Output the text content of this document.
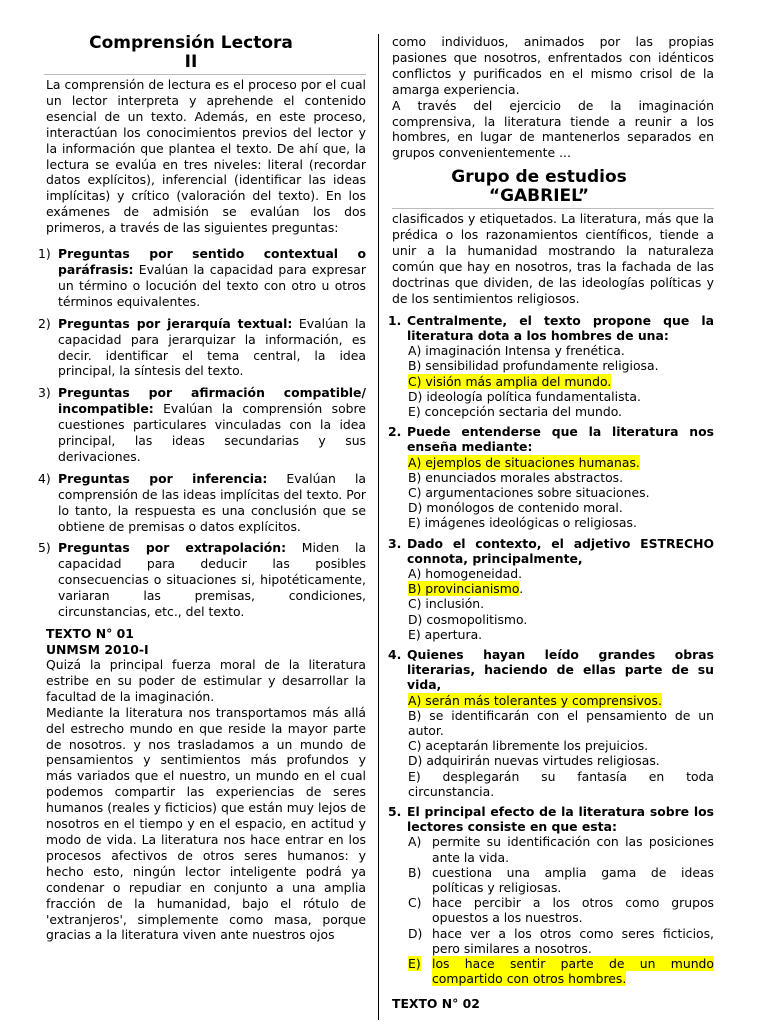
Comprensión Lectora
II

La comprensión de lectura es el proceso por el cual un lector interpreta y aprehende el contenido esencial de un texto. Además, en este proceso, interactúan los conocimientos previos del lector y la información que plantea el texto. De ahí que, la lectura se evalúa en tres niveles: literal (recordar datos explícitos), inferencial (identificar las ideas implícitas) y crítico (valoración del texto). En los exámenes de admisión se evalúan los dos primeros, a través de las siguientes preguntas:

1) Preguntas por sentido contextual o paráfrasis: Evalúan la capacidad para expresar un término o locución del texto con otro u otros términos equivalentes.
2) Preguntas por jerarquía textual: Evalúan la capacidad para jerarquizar la información, es decir. identificar el tema central, la idea principal, la síntesis del texto.
3) Preguntas por afirmación compatible/ incompatible: Evalúan la comprensión sobre cuestiones particulares vinculadas con la idea principal, las ideas secundarias y sus derivaciones.
4) Preguntas por inferencia: Evalúan la comprensión de las ideas implícitas del texto. Por lo tanto, la respuesta es una conclusión que se obtiene de premisas o datos explícitos.
5) Preguntas por extrapolación: Miden la capacidad para deducir las posibles consecuencias o situaciones si, hipotéticamente, variaran las premisas, condiciones, circunstancias, etc., del texto.
TEXTO N° 01
UNMSM 2010-I

Quizá la principal fuerza moral de la literatura estribe en su poder de estimular y desarrollar la facultad de la imaginación.

Mediante la literatura nos transportamos más allá del estrecho mundo en que reside la mayor parte de nosotros. y nos trasladamos a un mundo de pensamientos y sentimientos más profundos y más variados que el nuestro, un mundo en el cual podemos compartir las experiencias de seres humanos (reales y ficticios) que están muy lejos de nosotros en el tiempo y en el espacio, en actitud y modo de vida. La literatura nos hace entrar en los procesos afectivos de otros seres humanos: y hecho esto, ningún lector inteligente podrá ya condenar o repudiar en conjunto a una amplia fracción de la humanidad, bajo el rótulo de 'extranjeros', simplemente como masa, porque gracias a la literatura viven ante nuestros ojos

como individuos, animados por las propias pasiones que nosotros, enfrentados con idénticos conflictos y purificados en el mismo crisol de la amarga experiencia.

A través del ejercicio de la imaginación comprensiva, la literatura tiende a reunir a los hombres, en lugar de mantenerlos separados en grupos convenientemente ...

Grupo de estudios
“GABRIEL”

clasificados y etiquetados. La literatura, más que la prédica o los razonamientos científicos, tiende a unir a la humanidad mostrando la naturaleza común que hay en nosotros, tras la fachada de las doctrinas que dividen, de las ideologías políticas y de los sentimientos religiosos.

1. Centralmente, el texto propone que la literatura dota a los hombres de una:
A) imaginación Intensa y frenética.
B) sensibilidad profundamente religiosa.
C) visión más amplia del mundo.
D) ideología política fundamentalista.
E) concepción sectaria del mundo.
2. Puede entenderse que la literatura nos enseña mediante:
A) ejemplos de situaciones humanas.
B) enunciados morales abstractos.
C) argumentaciones sobre situaciones.
D) monólogos de contenido moral.
E) imágenes ideológicas o religiosas.
3. Dado el contexto, el adjetivo ESTRECHO connota, principalmente,
A) homogeneidad.
B) provincianismo.
C) inclusión.
D) cosmopolitismo.
E) apertura.
4. Quienes hayan leído grandes obras literarias, haciendo de ellas parte de su vida,
A) serán más tolerantes y comprensivos.
B) se identificarán con el pensamiento de un autor.
C) aceptarán libremente los prejuicios.
D) adquirirán nuevas virtudes religiosas.
E) desplegarán su fantasía en toda circunstancia.
5. El principal efecto de la literatura sobre los lectores consiste en que esta:
A) permite su identificación con las posiciones ante la vida.
B) cuestiona una amplia gama de ideas políticas y religiosas.
C) hace percibir a los otros como grupos opuestos a los nuestros.
D) hace ver a los otros como seres ficticios, pero similares a nosotros.
E) los hace sentir parte de un mundo compartido con otros hombres.
TEXTO N° 02
